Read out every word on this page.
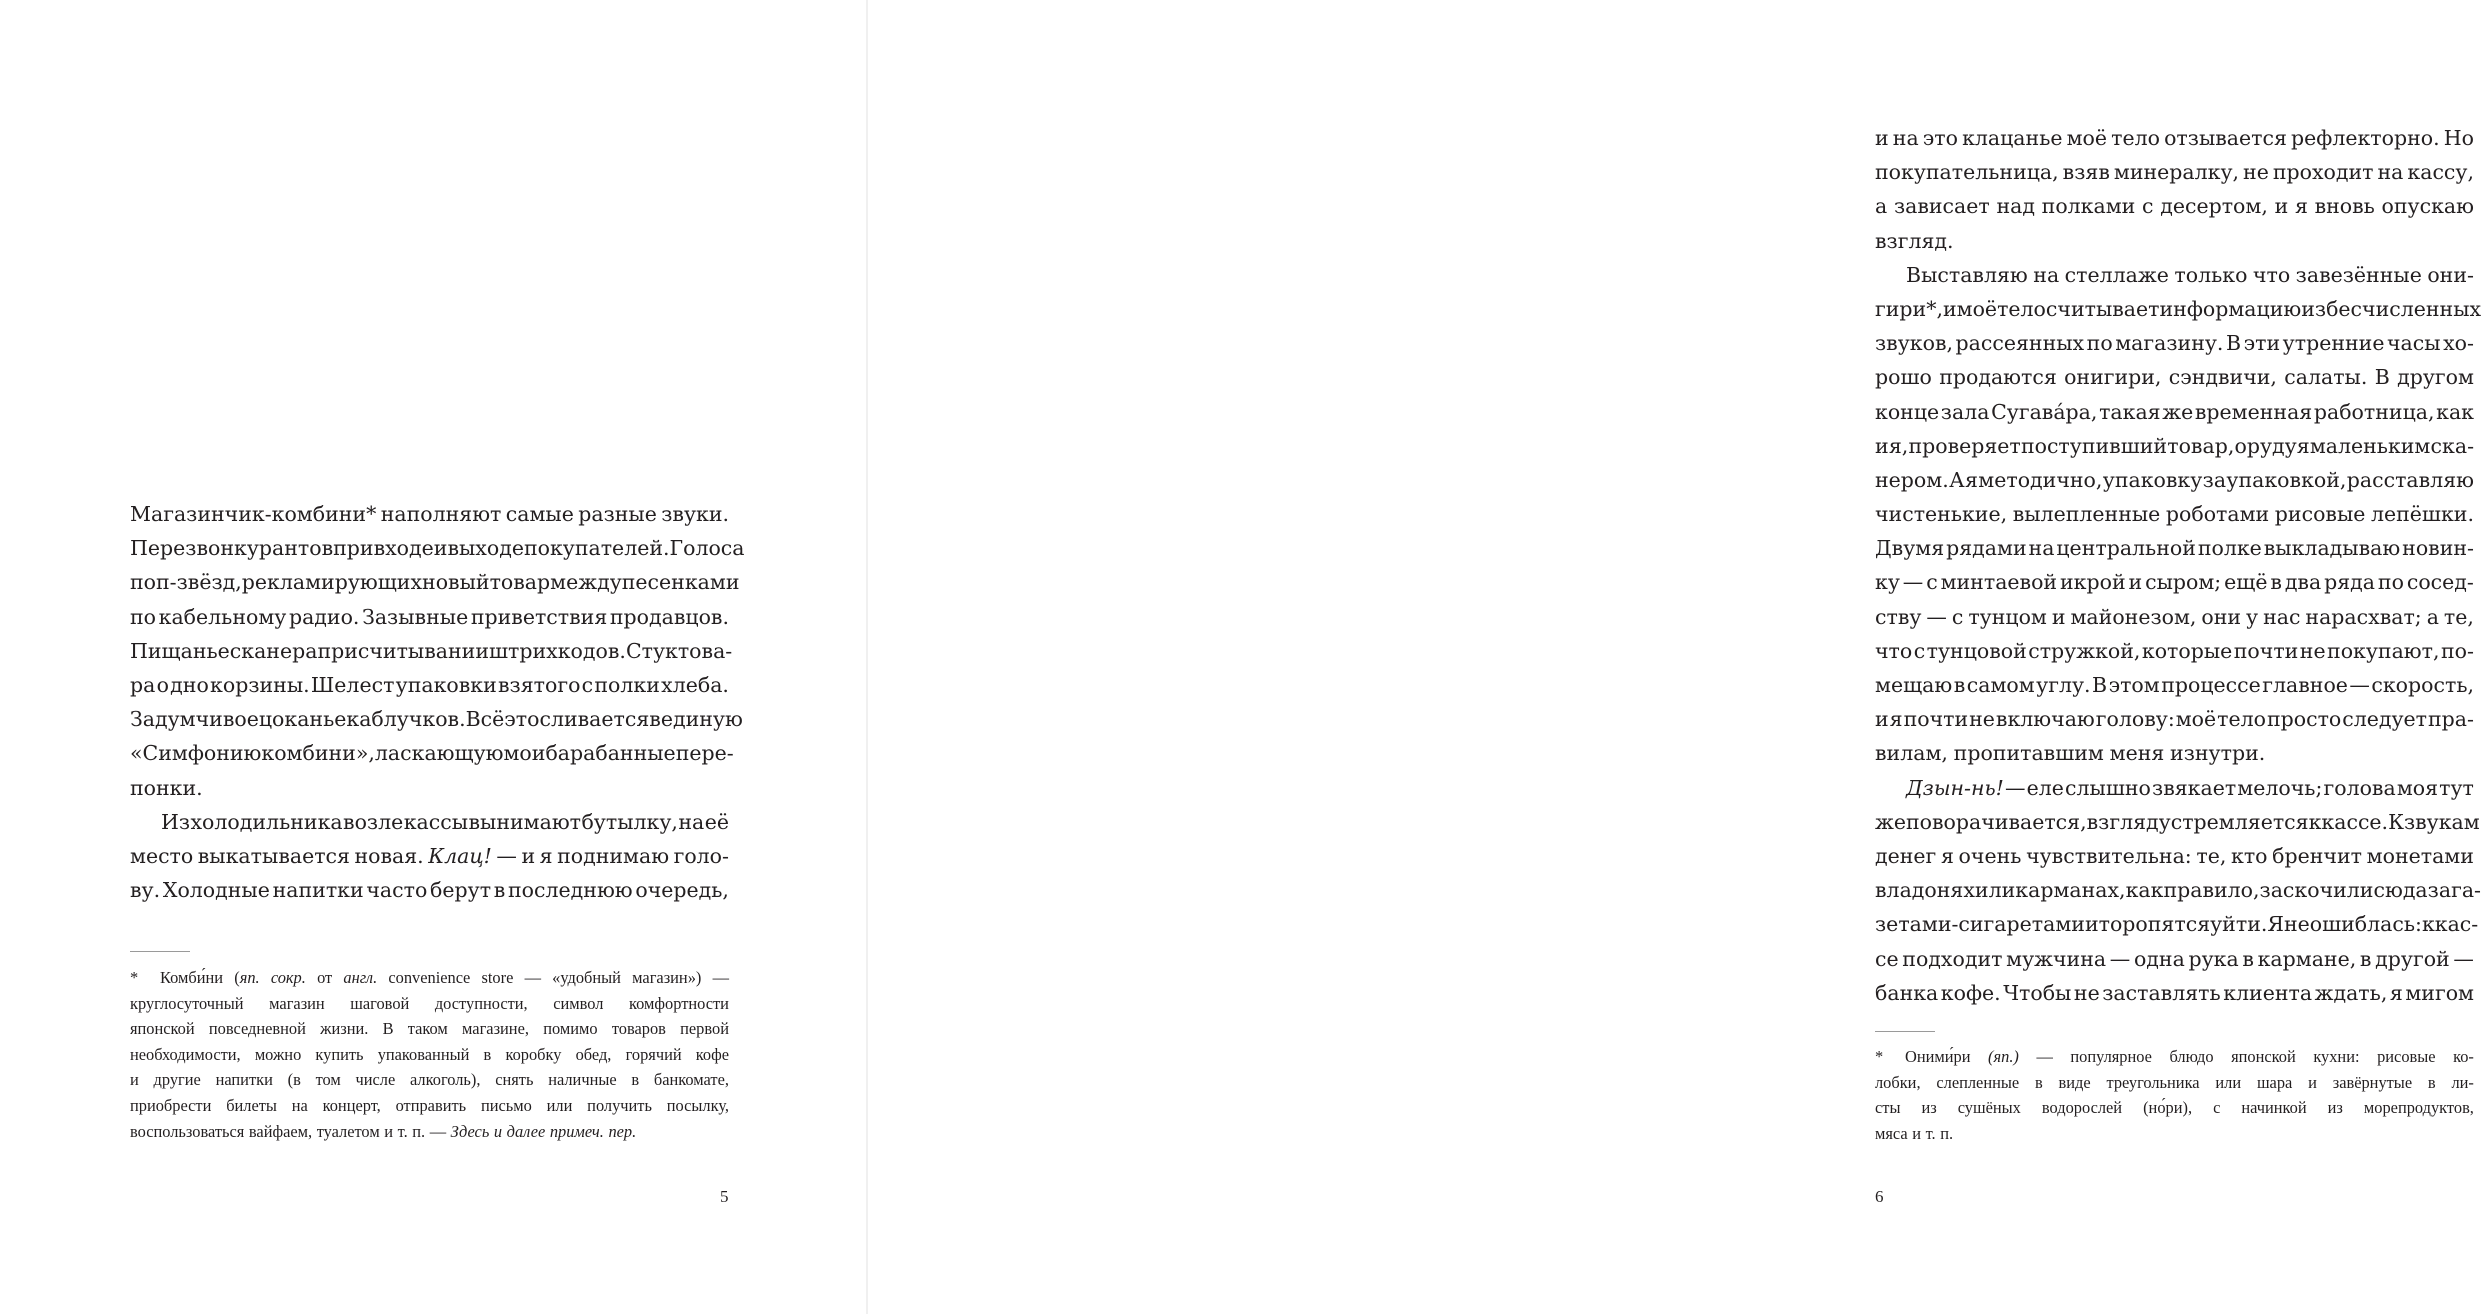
Магазинчик-комбини* наполняют самые разные звуки.
Перезвон курантов при входе и выходе покупателей. Голоса
поп-звёзд, рекламирующих новый товар между песенками
по кабельному радио. Зазывные приветствия продавцов.
Пищанье сканера при считывании штрихкодов. Стук това-
ра о дно корзины. Шелест упаковки взятого с полки хлеба.
Задумчивое цоканье каблучков. Всё это сливается в единую
«Симфонию комбини», ласкающую мои барабанные пере-
понки.
Из холодильника возле кассы вынимают бутылку, на её
место выкатывается новая. Клац! — и я поднимаю голо-
ву. Холодные напитки часто берут в последнюю очередь,
*	Комби́ни (яп. сокр. от англ. convenience store — «удобный магазин») —
круглосуточный магазин шаговой доступности, символ комфортности
японской повседневной жизни. В таком магазине, помимо товаров первой
необходимости, можно купить упакованный в коробку обед, горячий кофе
и другие напитки (в том числе алкоголь), снять наличные в банкомате,
приобрести билеты на концерт, отправить письмо или получить посылку,
воспользоваться вайфаем, туалетом и т. п. — Здесь и далее примеч. пер.
5
и на это клацанье моё тело отзывается рефлекторно. Но
покупательница, взяв минералку, не проходит на кассу,
а зависает над полками с десертом, и я вновь опускаю
взгляд.
Выставляю на стеллаже только что завезённые они-
гири*, и моё тело считывает информацию из бесчисленных
звуков, рассеянных по магазину. В эти утренние часы хо-
рошо продаются онигири, сэндвичи, салаты. В другом
конце зала Сугава́ра, такая же временная работница, как
и я, проверяет поступивший товар, орудуя маленьким ска-
нером. А я методично, упаковку за упаковкой, расставляю
чистенькие, вылепленные роботами рисовые лепёшки.
Двумя рядами на центральной полке выкладываю новин-
ку — с минтаевой икрой и сыром; ещё в два ряда по сосед-
ству — с тунцом и майонезом, они у нас нарасхват; а те,
что с тунцовой стружкой, которые почти не покупают, по-
мещаю в самом углу. В этом процессе главное — скорость,
и я почти не включаю голову: моё тело просто следует пра-
вилам, пропитавшим меня изнутри.
Дзын-нь! — еле слышно звякает мелочь; голова моя тут
же поворачивается, взгляд устремляется к кассе. К звукам
денег я очень чувствительна: те, кто бренчит монетами
в ладонях или карманах, как правило, заскочили сюда за га-
зетами-сигаретами и торопятся уйти. Я не ошиблась: к кас-
се подходит мужчина — одна рука в кармане, в другой —
банка кофе. Чтобы не заставлять клиента ждать, я мигом
*	Оними́ри (яп.) — популярное блюдо японской кухни: рисовые ко-
лобки, слепленные в виде треугольника или шара и завёрнутые в ли-
сты из сушёных водорослей (но́ри), с начинкой из морепродуктов,
мяса и т. п.
6
